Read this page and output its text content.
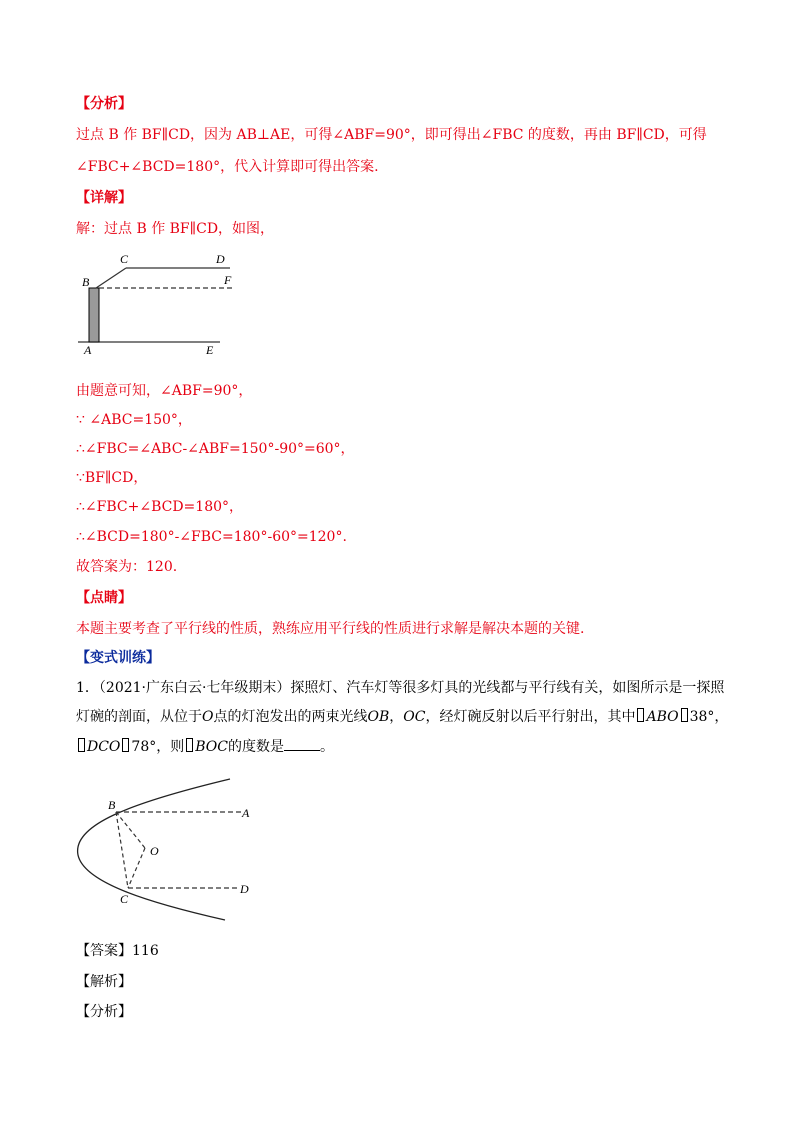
【分析】
过点 B 作 BF∥CD，因为 AB⊥AE，可得∠ABF=90°，即可得出∠FBC 的度数，再由 BF∥CD，可得
∠FBC+∠BCD=180°，代入计算即可得出答案.
【详解】
解：过点 B 作 BF∥CD，如图，
B
C	D
F
A	E
由题意可知，∠ABF=90°，
∵ ∠ABC=150°，
∴∠FBC=∠ABC-∠ABF=150°-90°=60°，
∵BF∥CD，
∴∠FBC+∠BCD=180°，
∴∠BCD=180°-∠FBC=180°-60°=120°.
故答案为：120.
【点睛】
本题主要考查了平行线的性质，熟练应用平行线的性质进行求解是解决本题的关键.
【变式训练】
1．（2021·广东白云·七年级期末）探照灯、汽车灯等很多灯具的光线都与平行线有关，如图所示是一探照
灯碗的剖面，从位于O点的灯泡发出的两束光线OB，OC，经灯碗反射以后平行射出，其中 ABO 38°，
DCO 78°，则 BOC的度数是	。
B
A
O
C
D
【答案】116
【解析】
【分析】
